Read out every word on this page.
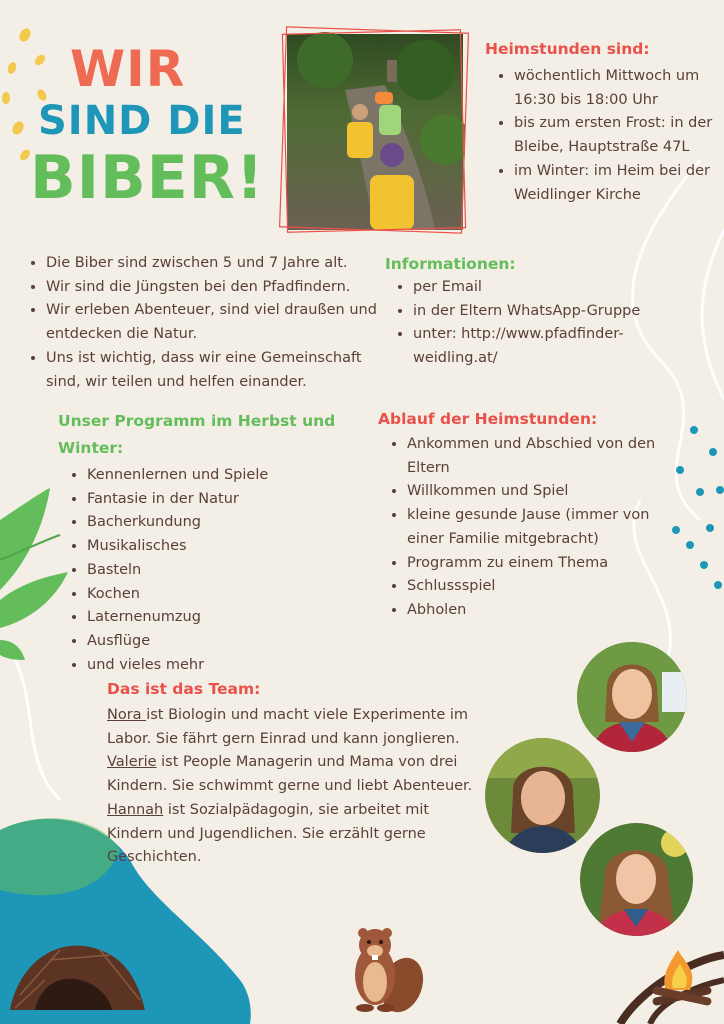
WIR
SIND DIE
BIBER!
Heimstunden sind:
• wöchentlich Mittwoch um 16:30 bis 18:00 Uhr
• bis zum ersten Frost: in der Bleibe, Hauptstraße 47L
• im Winter: im Heim bei der Weidlinger Kirche
• Die Biber sind zwischen 5 und 7 Jahre alt.
• Wir sind die Jüngsten bei den Pfadfindern.
• Wir erleben Abenteuer, sind viel draußen und entdecken die Natur.
• Uns ist wichtig, dass wir eine Gemeinschaft sind, wir teilen und helfen einander.
Informationen:
• per Email
• in der Eltern WhatsApp-Gruppe
• unter: http://www.pfadfinder-weidling.at/
Unser Programm im Herbst und Winter:
• Kennenlernen und Spiele
• Fantasie in der Natur
• Bacherkundung
• Musikalisches
• Basteln
• Kochen
• Laternenumzug
• Ausflüge
• und vieles mehr
Ablauf der Heimstunden:
• Ankommen und Abschied von den Eltern
• Willkommen und Spiel
• kleine gesunde Jause (immer von einer Familie mitgebracht)
• Programm zu einem Thema
• Schlussspiel
• Abholen
Das ist das Team:

Nora ist Biologin und macht viele Experimente im Labor. Sie fährt gern Einrad und kann jonglieren.

Valerie ist People Managerin und Mama von drei Kindern. Sie schwimmt gerne und liebt Abenteuer.

Hannah ist Sozialpädagogin, sie arbeitet mit Kindern und Jugendlichen. Sie erzählt gerne Geschichten.
